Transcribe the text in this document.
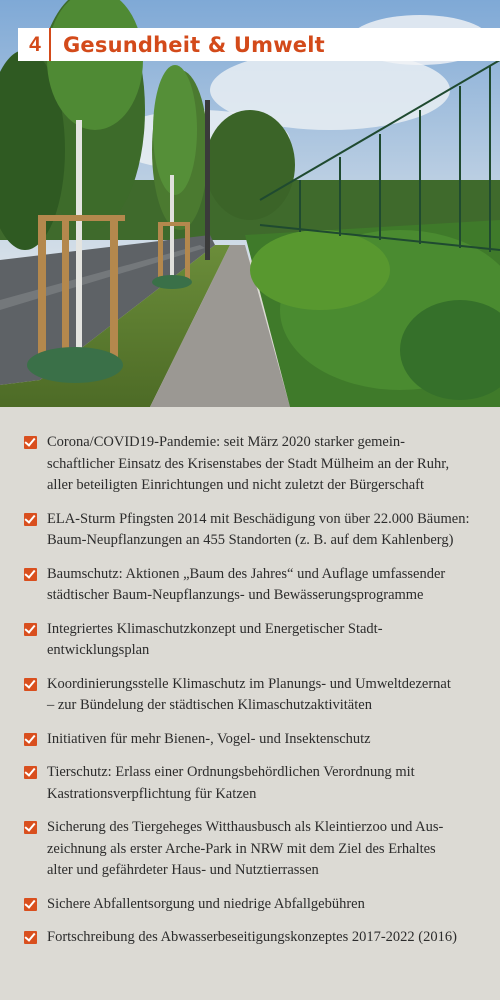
4	Gesundheit & Umwelt
Corona/COVID19-Pandemie: seit März 2020 starker gemein-
schaftlicher Einsatz des Krisenstabes der Stadt Mülheim an der Ruhr,
aller beteiligten Einrichtungen und nicht zuletzt der Bürgerschaft
ELA-Sturm Pfingsten 2014 mit Beschädigung von über 22.000 Bäumen:
Baum-Neupflanzungen an 455 Standorten (z. B. auf dem Kahlenberg)
Baumschutz: Aktionen „Baum des Jahres“ und Auflage umfassender
städtischer Baum-Neupflanzungs- und Bewässerungsprogramme
Integriertes Klimaschutzkonzept und Energetischer Stadt-
entwicklungsplan
Koordinierungsstelle Klimaschutz im Planungs- und Umweltdezernat
– zur Bündelung der städtischen Klimaschutzaktivitäten
Initiativen für mehr Bienen-, Vogel- und Insektenschutz
Tierschutz: Erlass einer Ordnungsbehördlichen Verordnung mit
Kastrationsverpflichtung für Katzen
Sicherung des Tiergeheges Witthausbusch als Kleintierzoo und Aus-
zeichnung als erster Arche-Park in NRW mit dem Ziel des Erhaltes
alter und gefährdeter Haus- und Nutztierrassen
Sichere Abfallentsorgung und niedrige Abfallgebühren
Fortschreibung des Abwasserbeseitigungskonzeptes 2017-2022 (2016)
